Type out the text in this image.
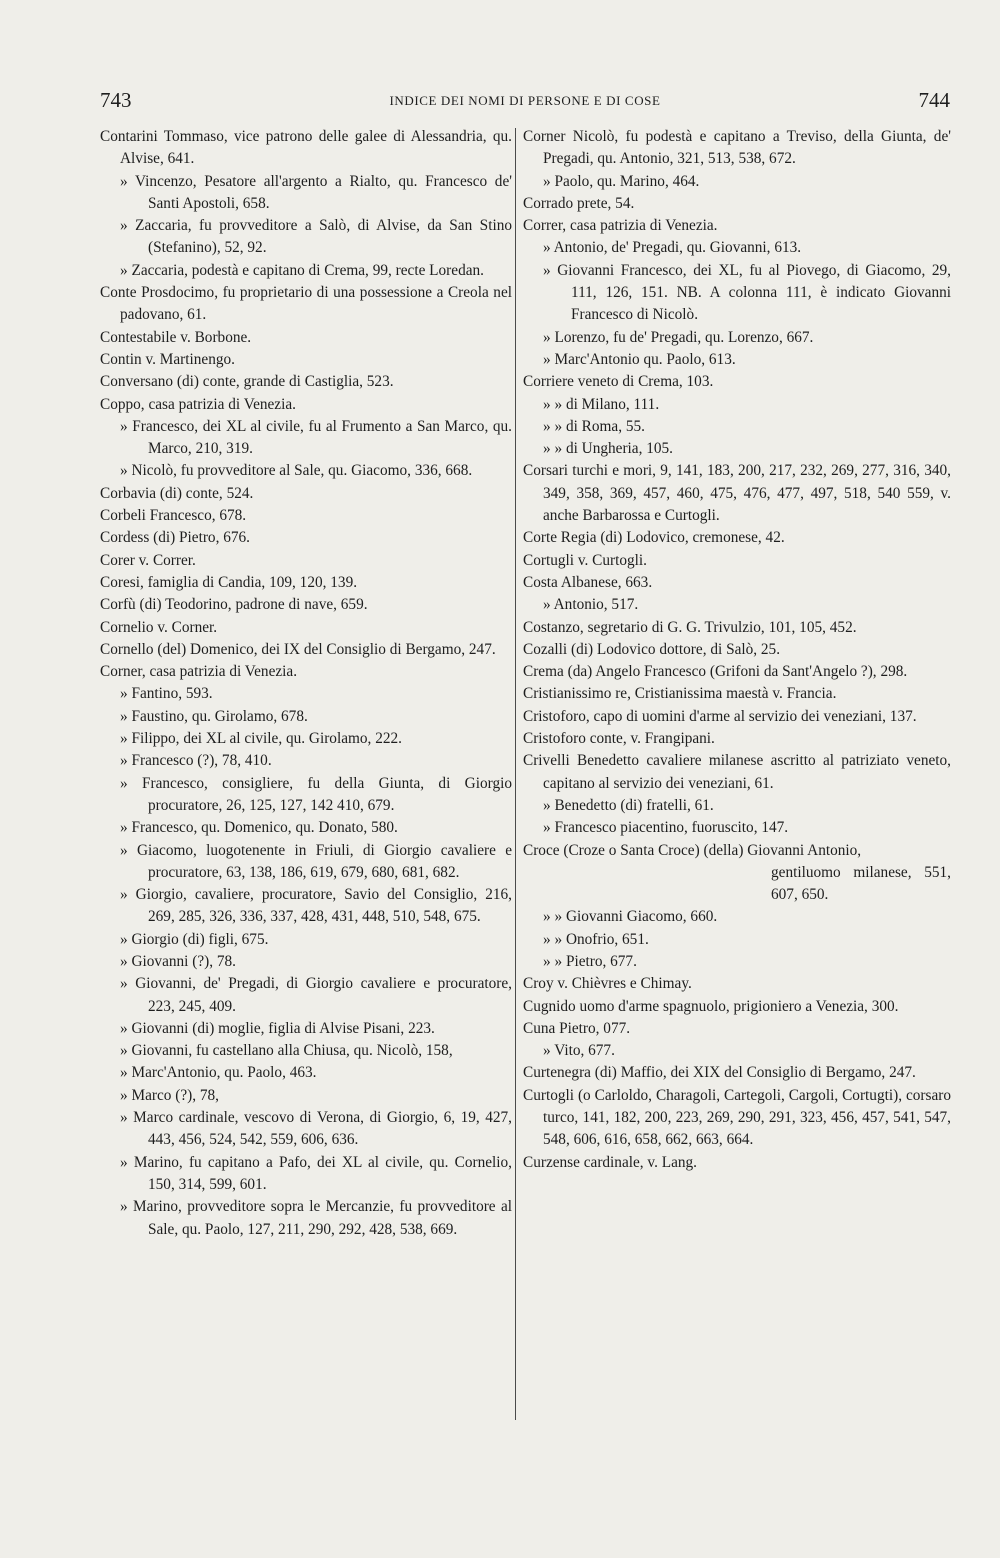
743	INDICE DEI NOMI DI PERSONE E DI COSE	744
Contarini Tommaso, vice patrono delle galee di Alessandria, qu. Alvise, 641.
» Vincenzo, Pesatore all'argento a Rialto, qu. Francesco de' Santi Apostoli, 658.
» Zaccaria, fu provveditore a Salò, di Alvise, da San Stino (Stefanino), 52, 92.
» Zaccaria, podestà e capitano di Crema, 99, recte Loredan.
Conte Prosdocimo, fu proprietario di una possessione a Creola nel padovano, 61.
Contestabile v. Borbone.
Contin v. Martinengo.
Conversano (di) conte, grande di Castiglia, 523.
Coppo, casa patrizia di Venezia.
» Francesco, dei XL al civile, fu al Frumento a San Marco, qu. Marco, 210, 319.
» Nicolò, fu provveditore al Sale, qu. Giacomo, 336, 668.
Corbavia (di) conte, 524.
Corbeli Francesco, 678.
Cordess (di) Pietro, 676.
Corer v. Correr.
Coresi, famiglia di Candia, 109, 120, 139.
Corfù (di) Teodorino, padrone di nave, 659.
Cornelio v. Corner.
Cornello (del) Domenico, dei IX del Consiglio di Bergamo, 247.
Corner, casa patrizia di Venezia.
» Fantino, 593.
» Faustino, qu. Girolamo, 678.
» Filippo, dei XL al civile, qu. Girolamo, 222.
» Francesco (?), 78, 410.
» Francesco, consigliere, fu della Giunta, di Giorgio procuratore, 26, 125, 127, 142 410, 679.
» Francesco, qu. Domenico, qu. Donato, 580.
» Giacomo, luogotenente in Friuli, di Giorgio cavaliere e procuratore, 63, 138, 186, 619, 679, 680, 681, 682.
» Giorgio, cavaliere, procuratore, Savio del Consiglio, 216, 269, 285, 326, 336, 337, 428, 431, 448, 510, 548, 675.
» Giorgio (di) figli, 675.
» Giovanni (?), 78.
» Giovanni, de' Pregadi, di Giorgio cavaliere e procuratore, 223, 245, 409.
» Giovanni (di) moglie, figlia di Alvise Pisani, 223.
» Giovanni, fu castellano alla Chiusa, qu. Nicolò, 158,
» Marc'Antonio, qu. Paolo, 463.
» Marco (?), 78,
» Marco cardinale, vescovo di Verona, di Giorgio, 6, 19, 427, 443, 456, 524, 542, 559, 606, 636.
» Marino, fu capitano a Pafo, dei XL al civile, qu. Cornelio, 150, 314, 599, 601.
» Marino, provveditore sopra le Mercanzie, fu provveditore al Sale, qu. Paolo, 127, 211, 290, 292, 428, 538, 669.
Corner Nicolò, fu podestà e capitano a Treviso, della Giunta, de' Pregadi, qu. Antonio, 321, 513, 538, 672.
» Paolo, qu. Marino, 464.
Corrado prete, 54.
Correr, casa patrizia di Venezia.
» Antonio, de' Pregadi, qu. Giovanni, 613.
» Giovanni Francesco, dei XL, fu al Piovego, di Giacomo, 29, 111, 126, 151. NB. A colonna 111, è indicato Giovanni Francesco di Nicolò.
» Lorenzo, fu de' Pregadi, qu. Lorenzo, 667.
» Marc'Antonio qu. Paolo, 613.
Corriere veneto di Crema, 103.
» » di Milano, 111.
» » di Roma, 55.
» » di Ungheria, 105.
Corsari turchi e mori, 9, 141, 183, 200, 217, 232, 269, 277, 316, 340, 349, 358, 369, 457, 460, 475, 476, 477, 497, 518, 540 559, v. anche Barbarossa e Curtogli.
Corte Regia (di) Lodovico, cremonese, 42.
Cortugli v. Curtogli.
Costa Albanese, 663.
» Antonio, 517.
Costanzo, segretario di G. G. Trivulzio, 101, 105, 452.
Cozalli (di) Lodovico dottore, di Salò, 25.
Crema (da) Angelo Francesco (Grifoni da Sant'Angelo ?), 298.
Cristianissimo re, Cristianissima maestà v. Francia.
Cristoforo, capo di uomini d'arme al servizio dei veneziani, 137.
Cristoforo conte, v. Frangipani.
Crivelli Benedetto cavaliere milanese ascritto al patriziato veneto, capitano al servizio dei veneziani, 61.
» Benedetto (di) fratelli, 61.
» Francesco piacentino, fuoruscito, 147.
Croce (Croze o Santa Croce) (della) Giovanni Antonio,
gentiluomo milanese, 551, 607, 650.
» » Giovanni Giacomo, 660.
» » Onofrio, 651.
» » Pietro, 677.
Croy v. Chièvres e Chimay.
Cugnido uomo d'arme spagnuolo, prigioniero a Venezia, 300.
Cuna Pietro, 077.
» Vito, 677.
Curtenegra (di) Maffio, dei XIX del Consiglio di Bergamo, 247.
Curtogli (o Carloldo, Charagoli, Cartegoli, Cargoli, Cortugti), corsaro turco, 141, 182, 200, 223, 269, 290, 291, 323, 456, 457, 541, 547, 548, 606, 616, 658, 662, 663, 664.
Curzense cardinale, v. Lang.
